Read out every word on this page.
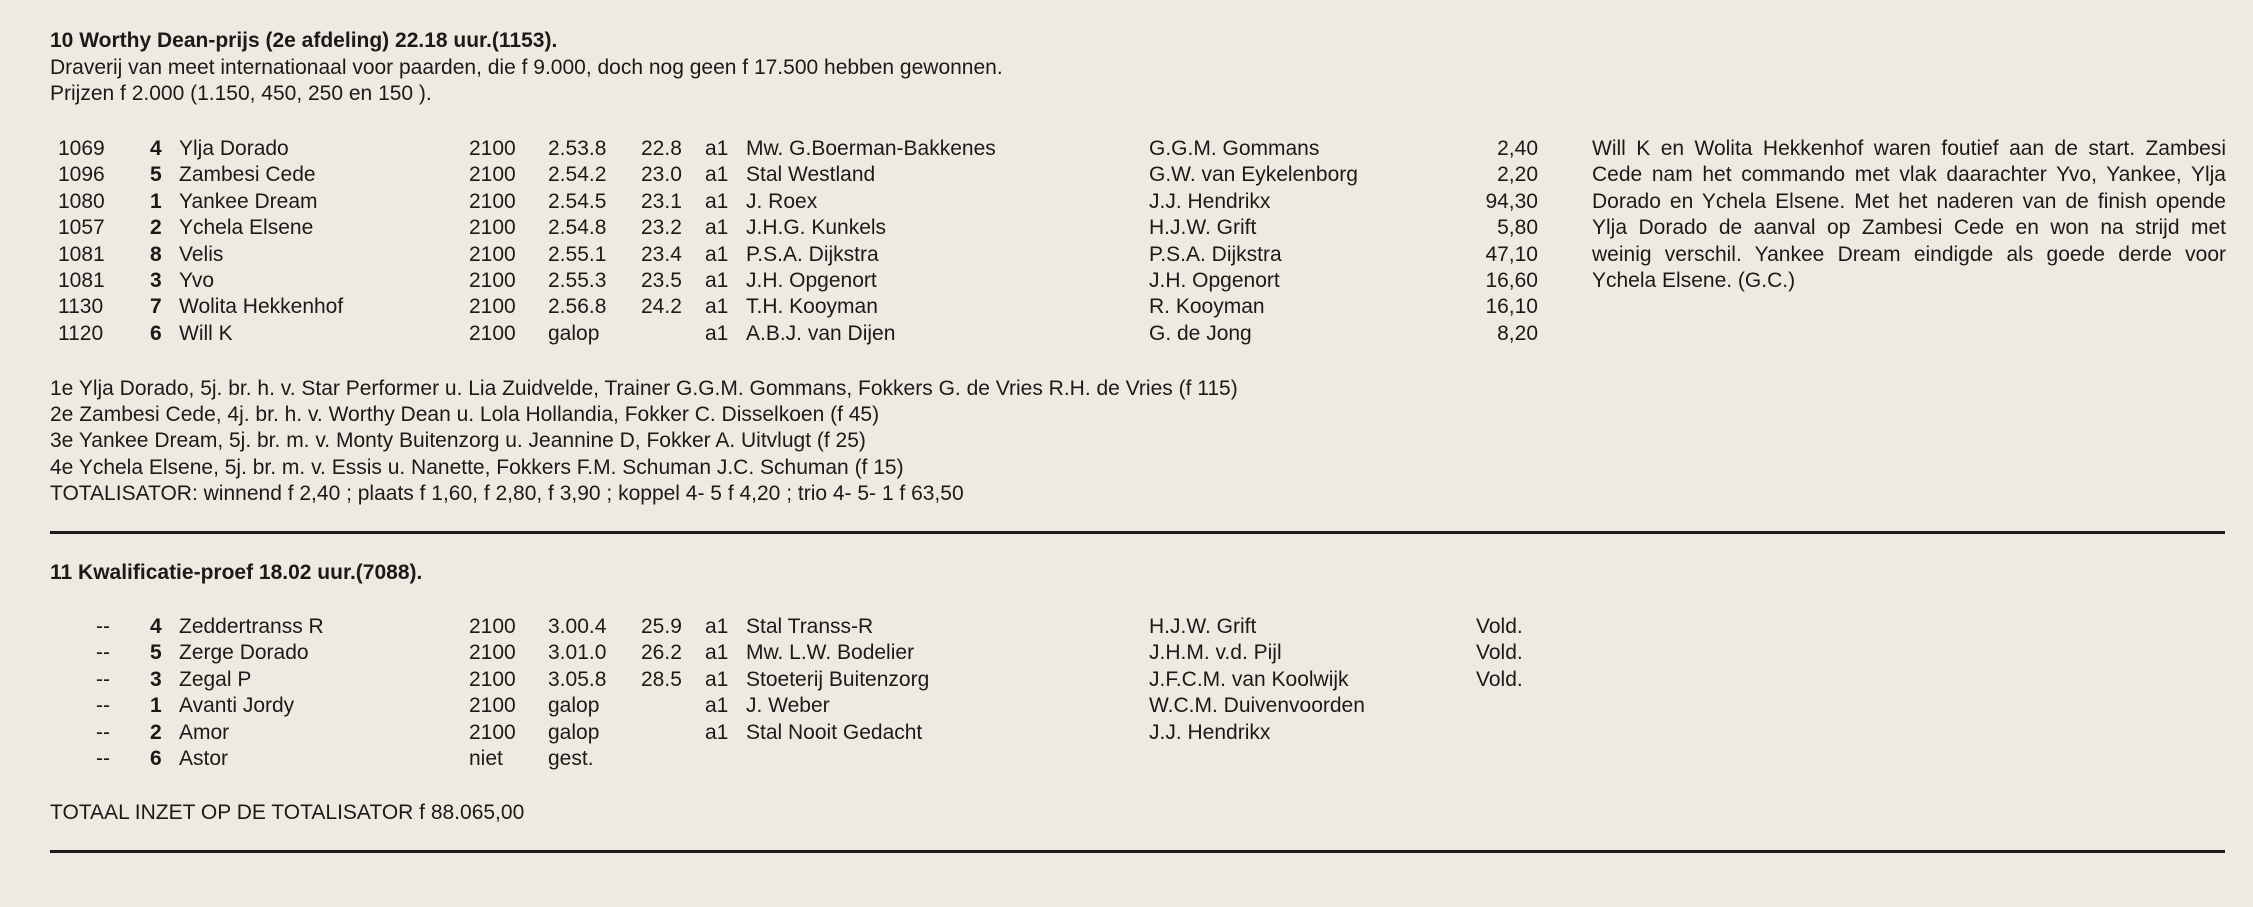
10 Worthy Dean-prijs (2e afdeling) 22.18 uur.(1153).
Draverij van meet internationaal voor paarden, die f 9.000, doch nog geen f 17.500 hebben gewonnen.
Prijzen f 2.000 (1.150, 450, 250 en 150 ).
1069 4 Ylja Dorado	2100 2.53.8 22.8 a1 Mw. G.Boerman-Bakkenes	G.G.M. Gommans	2,40
1096 5 Zambesi Cede	2100 2.54.2 23.0 a1 Stal Westland	G.W. van Eykelenborg	2,20
1080 1 Yankee Dream	2100 2.54.5 23.1 a1 J. Roex	J.J. Hendrikx	94,30
1057 2 Ychela Elsene	2100 2.54.8 23.2 a1 J.H.G. Kunkels	H.J.W. Grift	5,80
1081 8 Velis	2100 2.55.1 23.4 a1 P.S.A. Dijkstra	P.S.A. Dijkstra	47,10
1081 3 Yvo	2100 2.55.3 23.5 a1 J.H. Opgenort	J.H. Opgenort	16,60
1130 7 Wolita Hekkenhof	2100 2.56.8 24.2 a1 T.H. Kooyman	R. Kooyman	16,10
1120 6 Will K	2100 galop	a1 A.B.J. van Dijen	G. de Jong	8,20
Will K en Wolita Hekkenhof waren foutief aan de start. Zambesi Cede nam het commando met vlak daarachter Yvo, Yankee, Ylja Dorado en Ychela Elsene. Met het naderen van de finish opende Ylja Dorado de aanval op Zambesi Cede en won na strijd met weinig verschil. Yankee Dream eindigde als goede derde voor Ychela Elsene. (G.C.)
1e Ylja Dorado, 5j. br. h. v. Star Performer u. Lia Zuidvelde, Trainer G.G.M. Gommans, Fokkers G. de Vries R.H. de Vries (f 115)
2e Zambesi Cede, 4j. br. h. v. Worthy Dean u. Lola Hollandia, Fokker C. Disselkoen (f 45)
3e Yankee Dream, 5j. br. m. v. Monty Buitenzorg u. Jeannine D, Fokker A. Uitvlugt (f 25)
4e Ychela Elsene, 5j. br. m. v. Essis u. Nanette, Fokkers F.M. Schuman J.C. Schuman (f 15)
TOTALISATOR: winnend f 2,40 ; plaats f 1,60, f 2,80, f 3,90 ; koppel 4- 5 f 4,20 ; trio 4- 5- 1 f 63,50
11 Kwalificatie-proef 18.02 uur.(7088).
-- 4 Zeddertranss R	2100 3.00.4 25.9 a1 Stal Transs-R	H.J.W. Grift	Vold.
-- 5 Zerge Dorado	2100 3.01.0 26.2 a1 Mw. L.W. Bodelier	J.H.M. v.d. Pijl	Vold.
-- 3 Zegal P	2100 3.05.8 28.5 a1 Stoeterij Buitenzorg	J.F.C.M. van Koolwijk	Vold.
-- 1 Avanti Jordy	2100 galop	a1 J. Weber	W.C.M. Duivenvoorden
-- 2 Amor	2100 galop	a1 Stal Nooit Gedacht	J.J. Hendrikx
-- 6 Astor	niet gest.
TOTAAL INZET OP DE TOTALISATOR f 88.065,00
